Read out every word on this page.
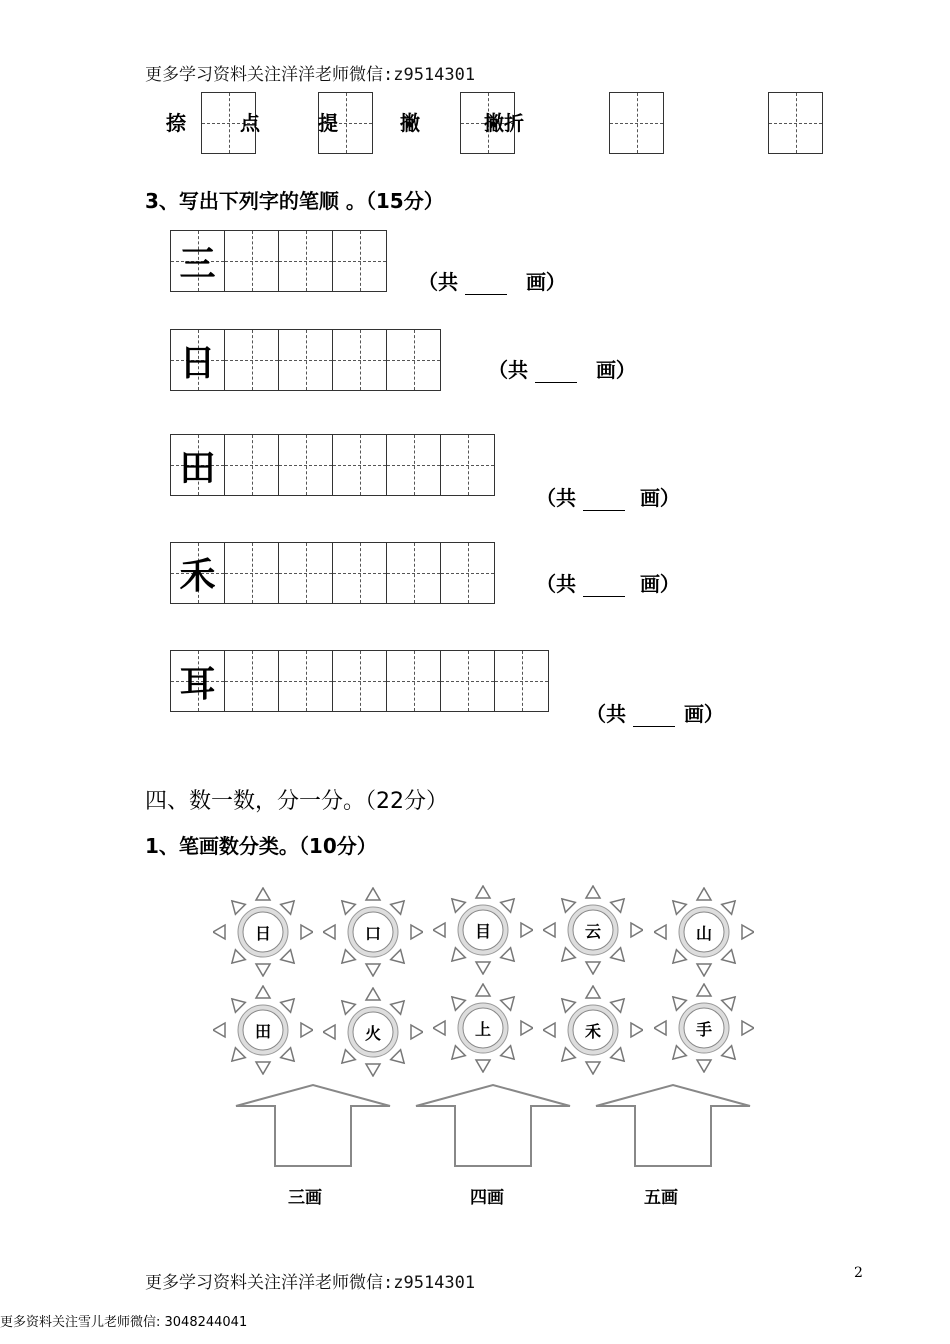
更多学习资料关注洋洋老师微信:z9514301
捺	点	提	撇	撇折
3、写出下列字的笔顺 。（15分）
三	（共	画）
日	（共	画）
田
（共	画）
禾	（共	画）
耳
（共	画）
四、数一数，分一分。（22分）
1、笔画数分类。（10分）
日	口	目	云	山
田	火	上	禾	手
三画	四画	五画
更多学习资料关注洋洋老师微信:z9514301	2
更多资料关注雪儿老师微信: 3048244041
